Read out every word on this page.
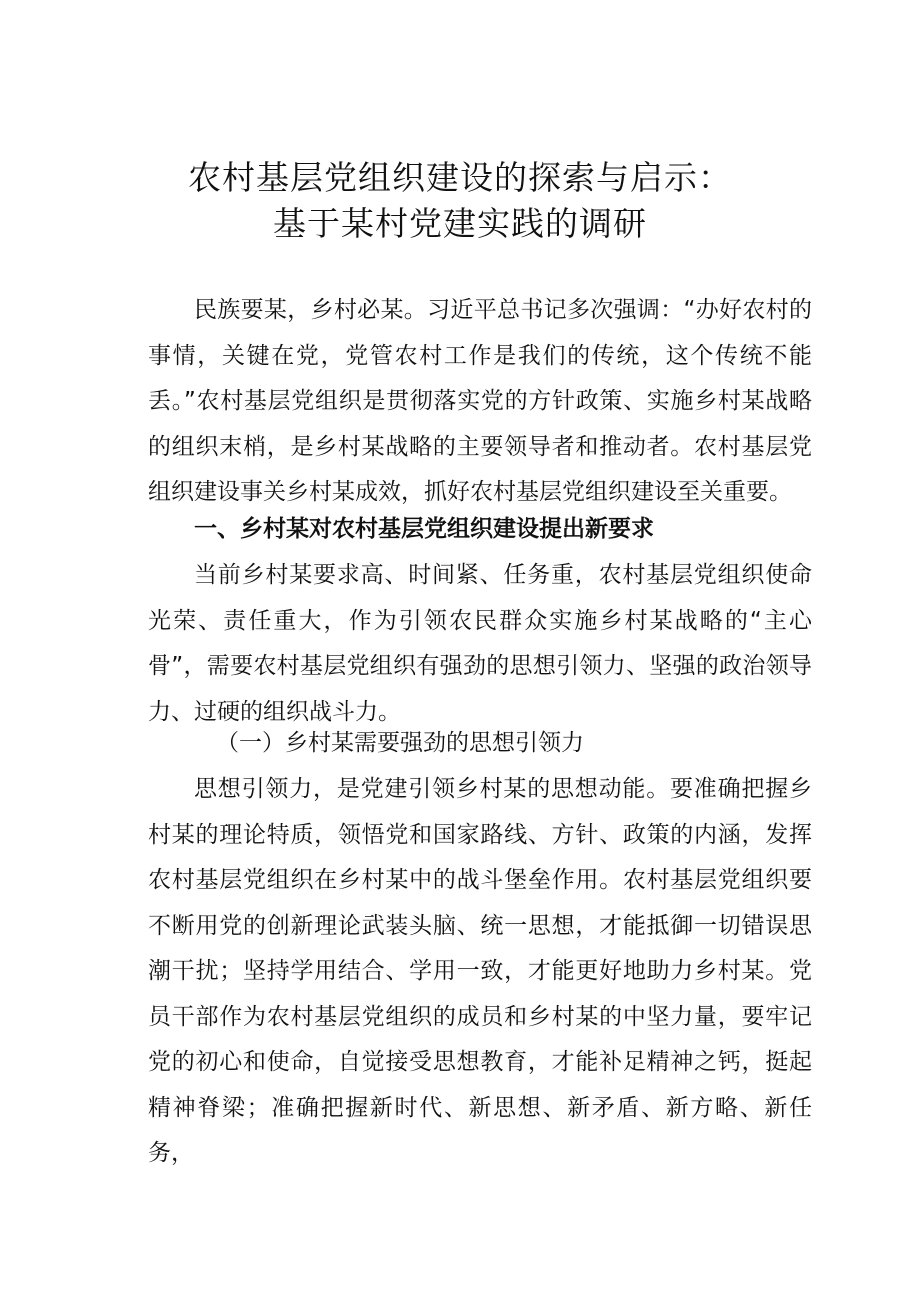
农村基层党组织建设的探索与启示：
基于某村党建实践的调研

民族要某，乡村必某。习近平总书记多次强调：“办好农村的事情，关键在党，党管农村工作是我们的传统，这个传统不能丢。”农村基层党组织是贯彻落实党的方针政策、实施乡村某战略的组织末梢，是乡村某战略的主要领导者和推动者。农村基层党组织建设事关乡村某成效，抓好农村基层党组织建设至关重要。

一、乡村某对农村基层党组织建设提出新要求

当前乡村某要求高、时间紧、任务重，农村基层党组织使命光荣、责任重大，作为引领农民群众实施乡村某战略的“主心骨”，需要农村基层党组织有强劲的思想引领力、坚强的政治领导力、过硬的组织战斗力。

（一）乡村某需要强劲的思想引领力

思想引领力，是党建引领乡村某的思想动能。要准确把握乡村某的理论特质，领悟党和国家路线、方针、政策的内涵，发挥农村基层党组织在乡村某中的战斗堡垒作用。农村基层党组织要不断用党的创新理论武装头脑、统一思想，才能抵御一切错误思潮干扰；坚持学用结合、学用一致，才能更好地助力乡村某。党员干部作为农村基层党组织的成员和乡村某的中坚力量，要牢记党的初心和使命，自觉接受思想教育，才能补足精神之钙，挺起精神脊梁；准确把握新时代、新思想、新矛盾、新方略、新任务，
